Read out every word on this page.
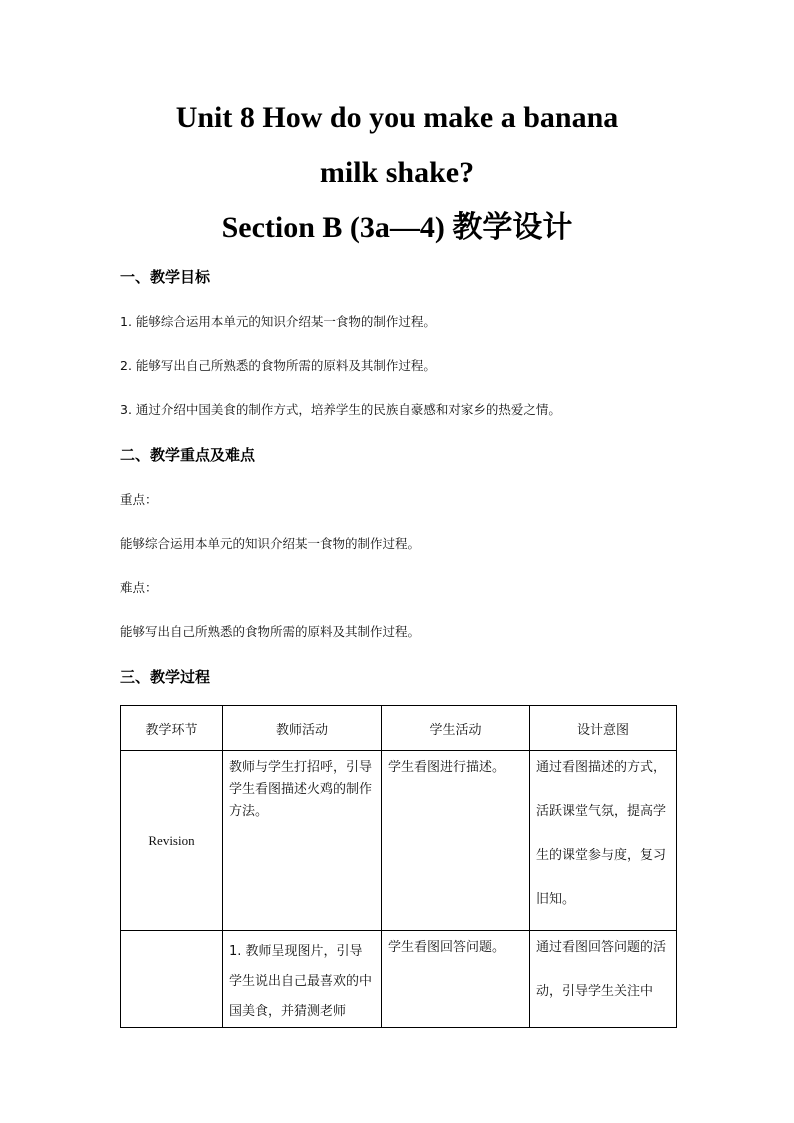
Unit 8 How do you make a banana
milk shake?
Section B (3a—4) 教学设计
一、教学目标
1. 能够综合运用本单元的知识介绍某一食物的制作过程。
2. 能够写出自己所熟悉的食物所需的原料及其制作过程。
3. 通过介绍中国美食的制作方式，培养学生的民族自豪感和对家乡的热爱之情。
二、教学重点及难点
重点：
能够综合运用本单元的知识介绍某一食物的制作过程。
难点：
能够写出自己所熟悉的食物所需的原料及其制作过程。
三、教学过程
教学环节	教师活动	学生活动	设计意图
Revision	教师与学生打招呼，引导学生看图描述火鸡的制作方法。	学生看图进行描述。	通过看图描述的方式，活跃课堂气氛，提高学生的课堂参与度，复习旧知。

	1. 教师呈现图片，引导学生说出自己最喜欢的中国美食，并猜测老师	学生看图回答问题。	通过看图回答问题的活动，引导学生关注中
